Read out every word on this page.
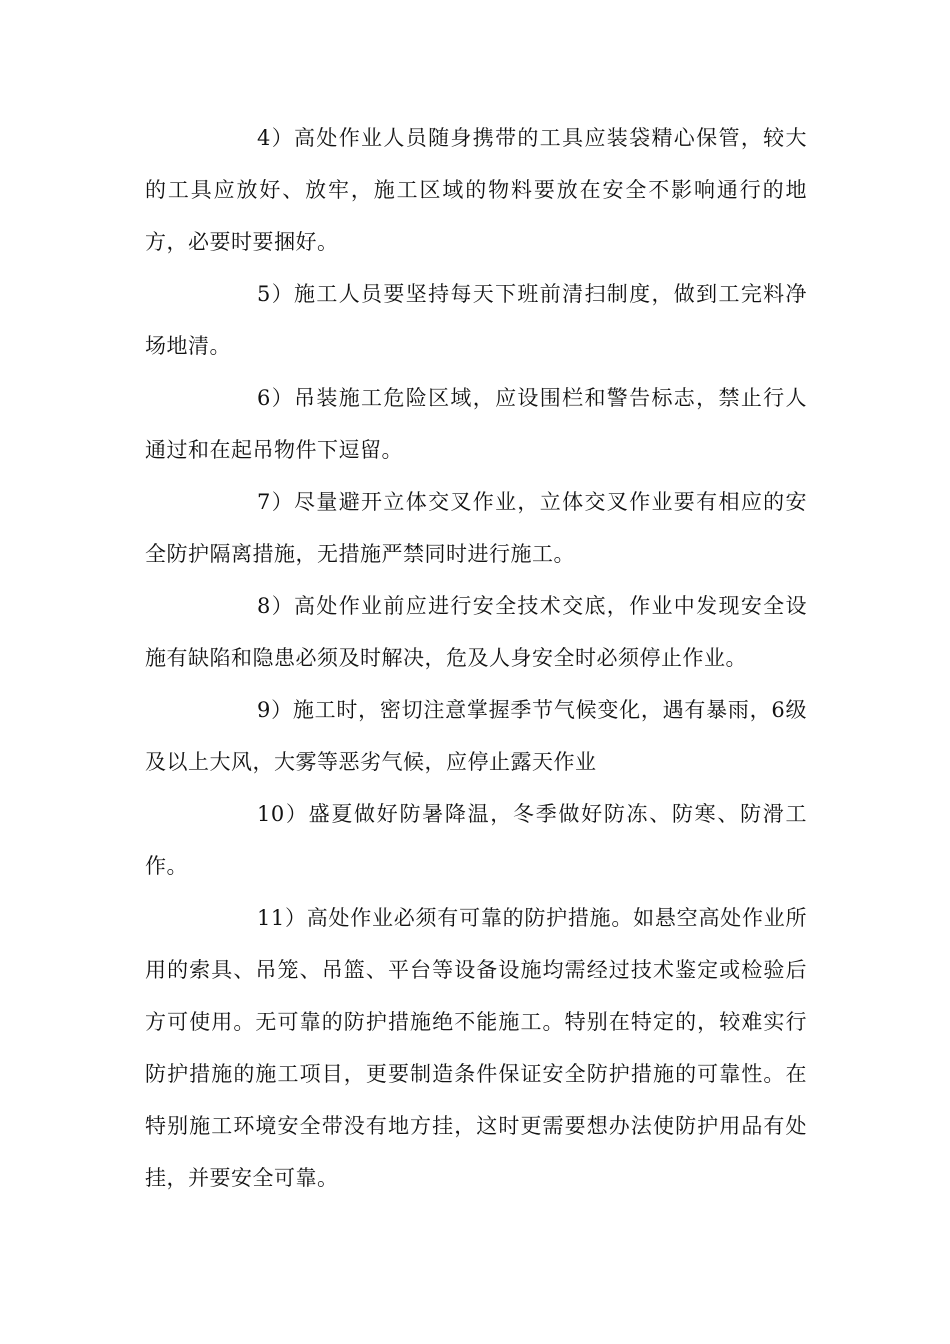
4）高处作业人员随身携带的工具应装袋精心保管，较大的工具应放好、放牢，施工区域的物料要放在安全不影响通行的地方，必要时要捆好。

5）施工人员要坚持每天下班前清扫制度，做到工完料净场地清。

6）吊装施工危险区域，应设围栏和警告标志，禁止行人通过和在起吊物件下逗留。

7）尽量避开立体交叉作业，立体交叉作业要有相应的安全防护隔离措施，无措施严禁同时进行施工。

8）高处作业前应进行安全技术交底，作业中发现安全设施有缺陷和隐患必须及时解决，危及人身安全时必须停止作业。

9）施工时，密切注意掌握季节气候变化，遇有暴雨，6级及以上大风，大雾等恶劣气候，应停止露天作业

10）盛夏做好防暑降温，冬季做好防冻、防寒、防滑工作。

11）高处作业必须有可靠的防护措施。如悬空高处作业所用的索具、吊笼、吊篮、平台等设备设施均需经过技术鉴定或检验后方可使用。无可靠的防护措施绝不能施工。特别在特定的，较难实行防护措施的施工项目，更要制造条件保证安全防护措施的可靠性。在特别施工环境安全带没有地方挂，这时更需要想办法使防护用品有处挂，并要安全可靠。
